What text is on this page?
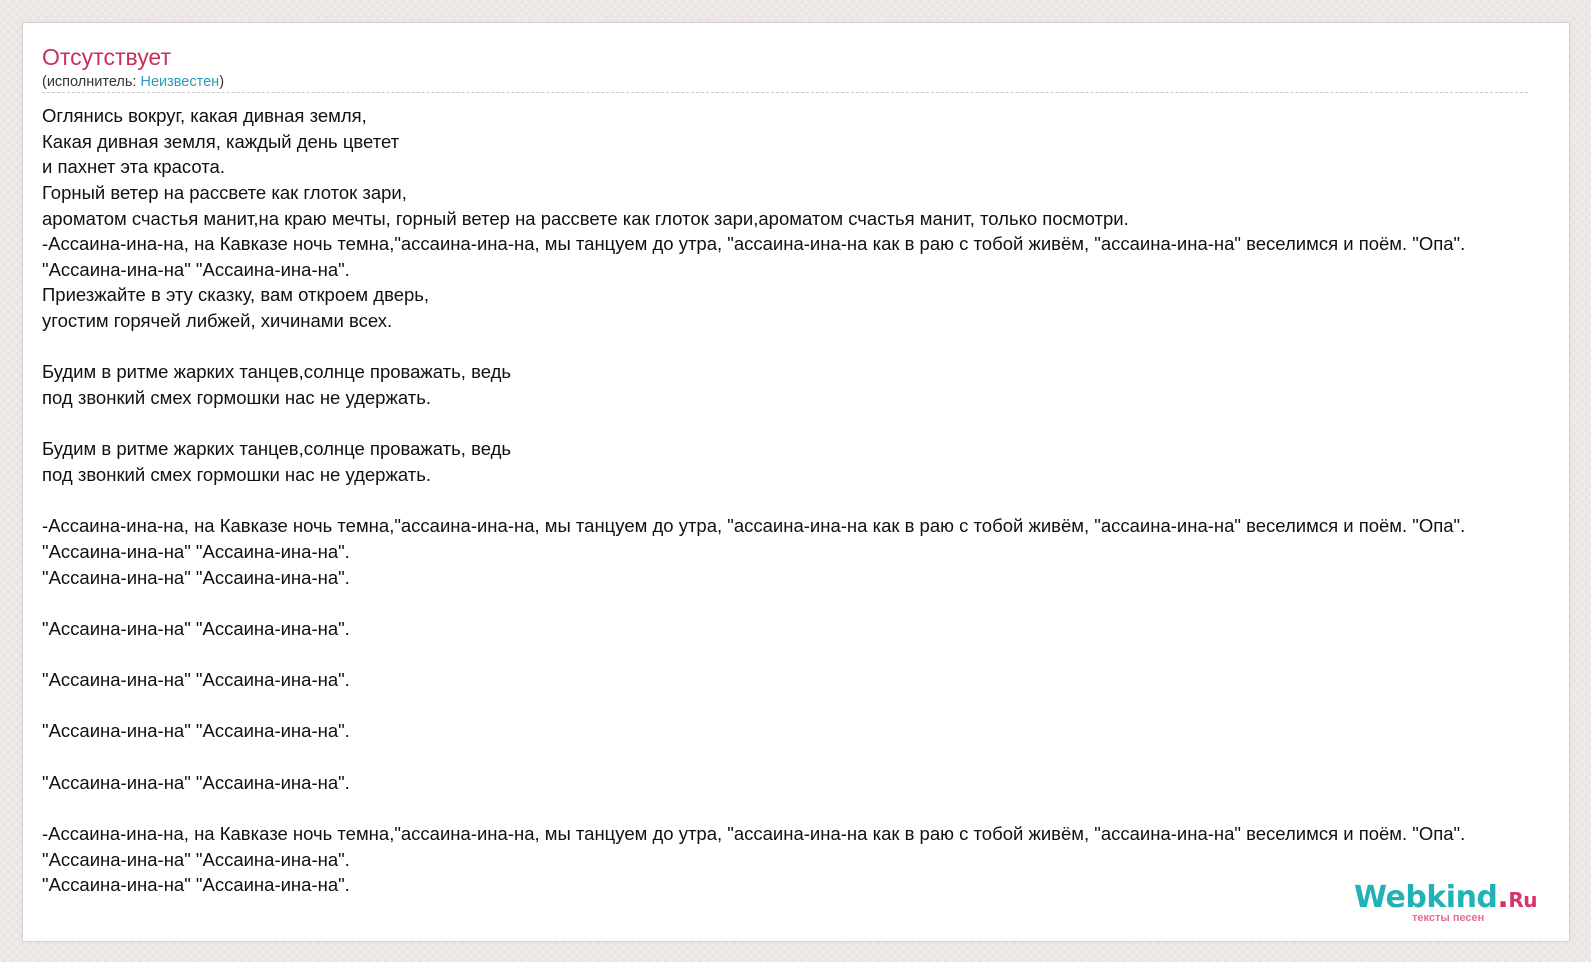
Отсутствует
(исполнитель: Неизвестен)
Оглянись вокруг, какая дивная земля,
Какая дивная земля, каждый день цветет
и пахнет эта красота.
Горный ветер на рассвете как глоток зари,
ароматом счастья манит,на краю мечты, горный ветер на рассвете как глоток зари,ароматом счастья манит, только посмотри.
-Ассаина-ина-на, на Кавказе ночь темна,"ассаина-ина-на, мы танцуем до утра, "ассаина-ина-на как в раю с тобой живём, "ассаина-ина-на" веселимся и поём. "Опа".
"Ассаина-ина-на" "Ассаина-ина-на".
Приезжайте в эту сказку, вам откроем дверь,
угостим горячей либжей, хичинами всех.
Будим в ритме жарких танцев,солнце проважать, ведь
под звонкий смех гормошки нас не удержать.
Будим в ритме жарких танцев,солнце проважать, ведь
под звонкий смех гормошки нас не удержать.
-Ассаина-ина-на, на Кавказе ночь темна,"ассаина-ина-на, мы танцуем до утра, "ассаина-ина-на как в раю с тобой живём, "ассаина-ина-на" веселимся и поём. "Опа".
"Ассаина-ина-на" "Ассаина-ина-на".
"Ассаина-ина-на" "Ассаина-ина-на".
"Ассаина-ина-на" "Ассаина-ина-на".
"Ассаина-ина-на" "Ассаина-ина-на".
"Ассаина-ина-на" "Ассаина-ина-на".
"Ассаина-ина-на" "Ассаина-ина-на".
-Ассаина-ина-на, на Кавказе ночь темна,"ассаина-ина-на, мы танцуем до утра, "ассаина-ина-на как в раю с тобой живём, "ассаина-ина-на" веселимся и поём. "Опа".
"Ассаина-ина-на" "Ассаина-ина-на".
"Ассаина-ина-на" "Ассаина-ина-на".	Webkind.Ru
тексты песен
